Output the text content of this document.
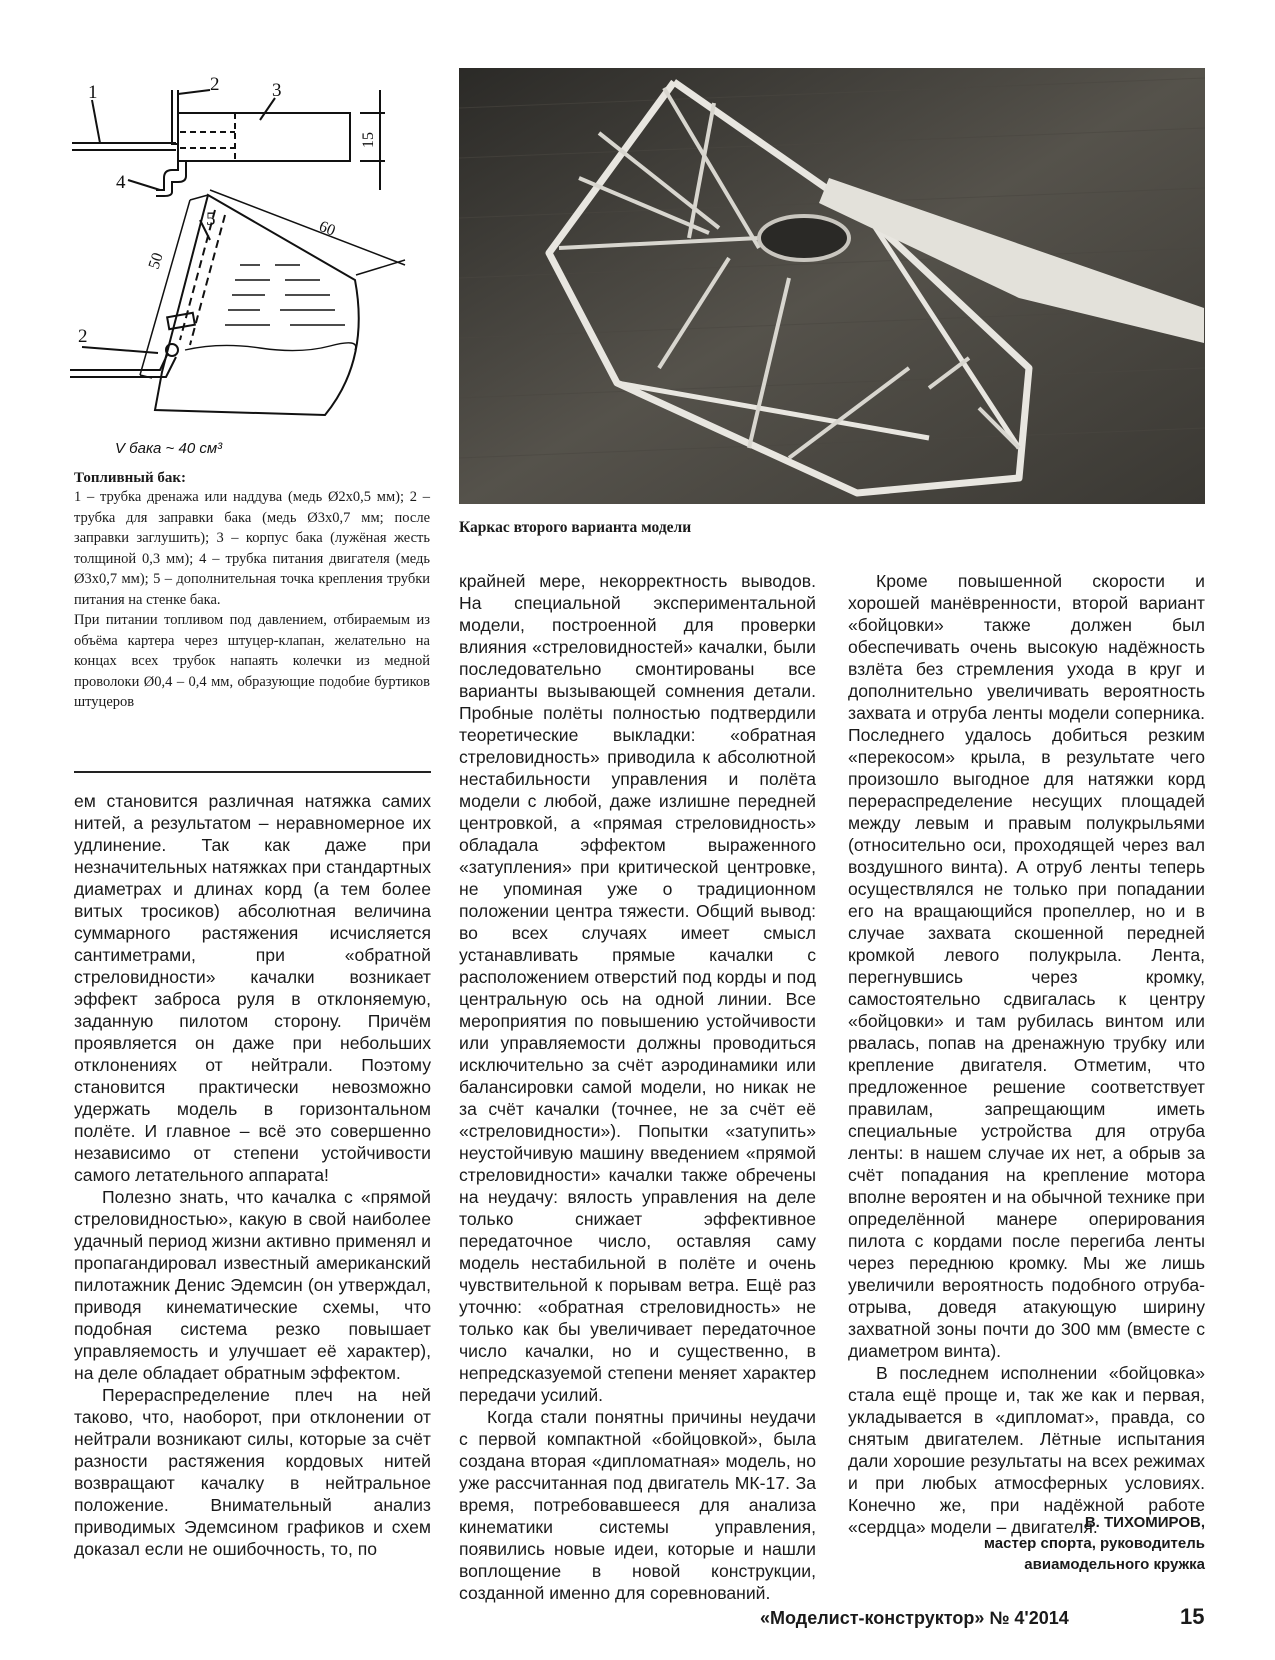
1	2	3
4
5
2
15
50
60
V бака ~ 40 см³
Топливный бак:

1 – трубка дренажа или наддува (медь Ø2х0,5 мм); 2 – трубка для заправки бака (медь Ø3х0,7 мм; после заправки заглушить); 3 – корпус бака (лужёная жесть толщиной 0,3 мм); 4 – трубка питания двигателя (медь Ø3х0,7 мм); 5 – дополнительная точка крепления трубки питания на стенке бака.

При питании топливом под давлением, отбираемым из объёма картера через штуцер-клапан, желательно на концах всех трубок напаять колечки из медной проволоки Ø0,4 – 0,4 мм, образующие подобие буртиков штуцеров

Каркас второго варианта модели

ем становится различная натяжка самих нитей, а результатом – неравномерное их удлинение. Так как даже при незначительных натяжках при стандартных диаметрах и длинах корд (а тем более витых тросиков) абсолютная величина суммарного растяжения исчисляется сантиметрами, при «обратной стреловидности» качалки возникает эффект заброса руля в отклоняемую, заданную пилотом сторону. Причём проявляется он даже при небольших отклонениях от нейтрали. Поэтому становится практически невозможно удержать модель в горизонтальном полёте. И главное – всё это совершенно независимо от степени устойчивости самого летательного аппарата!

Полезно знать, что качалка с «прямой стреловидностью», какую в свой наиболее удачный период жизни активно применял и пропагандировал известный американский пилотажник Денис Эдемсин (он утверждал, приводя кинематические схемы, что подобная система резко повышает управляемость и улучшает её характер), на деле обладает обратным эффектом.

Перераспределение плеч на ней таково, что, наоборот, при отклонении от нейтрали возникают силы, которые за счёт разности растяжения кордовых нитей возвращают качалку в нейтральное положение. Внимательный анализ приводимых Эдемсином графиков и схем доказал если не ошибочность, то, по

крайней мере, некорректность выводов. На специальной экспериментальной модели, построенной для проверки влияния «стреловидностей» качалки, были последовательно смонтированы все варианты вызывающей сомнения детали. Пробные полёты полностью подтвердили теоретические выкладки: «обратная стреловидность» приводила к абсолютной нестабильности управления и полёта модели с любой, даже излишне передней центровкой, а «прямая стреловидность» обладала эффектом выраженного «затупления» при критической центровке, не упоминая уже о традиционном положении центра тяжести. Общий вывод: во всех случаях имеет смысл устанавливать прямые качалки с расположением отверстий под корды и под центральную ось на одной линии. Все мероприятия по повышению устойчивости или управляемости должны проводиться исключительно за счёт аэродинамики или балансировки самой модели, но никак не за счёт качалки (точнее, не за счёт её «стреловидности»). Попытки «затупить» неустойчивую машину введением «прямой стреловидности» качалки также обречены на неудачу: вялость управления на деле только снижает эффективное передаточное число, оставляя саму модель нестабильной в полёте и очень чувствительной к порывам ветра. Ещё раз уточню: «обратная стреловидность» не только как бы увеличивает передаточное число качалки, но и существенно, в непредсказуемой степени меняет характер передачи усилий.

Когда стали понятны причины неудачи с первой компактной «бойцовкой», была создана вторая «дипломатная» модель, но уже рассчитанная под двигатель МК-17. За время, потребовавшееся для анализа кинематики системы управления, появились новые идеи, которые и нашли воплощение в новой конструкции, созданной именно для соревнований.

Кроме повышенной скорости и хорошей манёвренности, второй вариант «бойцовки» также должен был обеспечивать очень высокую надёжность взлёта без стремления ухода в круг и дополнительно увеличивать вероятность захвата и отруба ленты модели соперника. Последнего удалось добиться резким «перекосом» крыла, в результате чего произошло выгодное для натяжки корд перераспределение несущих площадей между левым и правым полукрыльями (относительно оси, проходящей через вал воздушного винта). А отруб ленты теперь осуществлялся не только при попадании его на вращающийся пропеллер, но и в случае захвата скошенной передней кромкой левого полукрыла. Лента, перегнувшись через кромку, самостоятельно сдвигалась к центру «бойцовки» и там рубилась винтом или рвалась, попав на дренажную трубку или крепление двигателя. Отметим, что предложенное решение соответствует правилам, запрещающим иметь специальные устройства для отруба ленты: в нашем случае их нет, а обрыв за счёт попадания на крепление мотора вполне вероятен и на обычной технике при определённой манере оперирования пилота с кордами после перегиба ленты через переднюю кромку. Мы же лишь увеличили вероятность подобного отруба-отрыва, доведя атакующую ширину захватной зоны почти до 300 мм (вместе с диаметром винта).

В последнем исполнении «бойцовка» стала ещё проще и, так же как и первая, укладывается в «дипломат», правда, со снятым двигателем. Лётные испытания дали хорошие результаты на всех режимах и при любых атмосферных условиях. Конечно же, при надёжной работе «сердца» модели – двигателя.

В. ТИХОМИРОВ,
мастер спорта, руководитель
авиамодельного кружка
«Моделист-конструктор» № 4'2014	15
